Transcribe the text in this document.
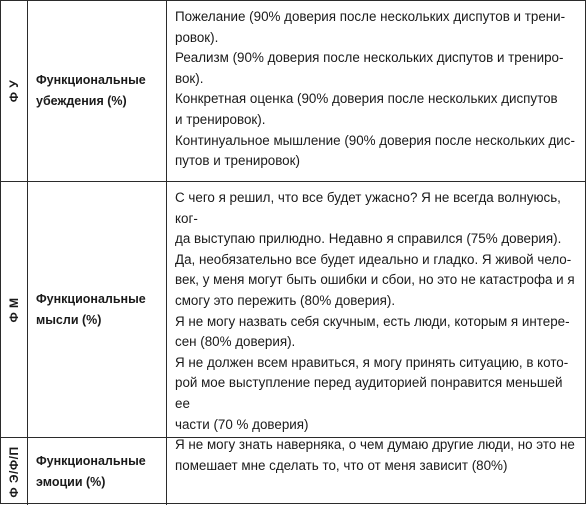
Ф У Функциональные
убеждения (%)

Пожелание (90% доверия после нескольких диспутов и трени-
ровок).

Реализм (90% доверия после нескольких диспутов и трениро-
вок).

Конкретная оценка (90% доверия после нескольких диспутов
и тренировок).

Континуальное мышление (90% доверия после нескольких дис-
путов и тренировок)

Ф М Функциональные
мысли (%)

С чего я решил, что все будет ужасно? Я не всегда волнуюсь, ког-
да выступаю прилюдно. Недавно я справился (75% доверия).

Да, необязательно все будет идеально и гладко. Я живой чело-
век, у меня могут быть ошибки и сбои, но это не катастрофа и я
смогу это пережить (80% доверия).

Я не могу назвать себя скучным, есть люди, которым я интере-
сен (80% доверия).

Я не должен всем нравиться, я могу принять ситуацию, в кото-
рой мое выступление перед аудиторией понравится меньшей ее
части (70 % доверия)

Я не могу знать наверняка, о чем думаю другие люди, но это не
помешает мне сделать то, что от меня зависит (80%)

Ф Э/Ф/П Функциональные
эмоции (%)
